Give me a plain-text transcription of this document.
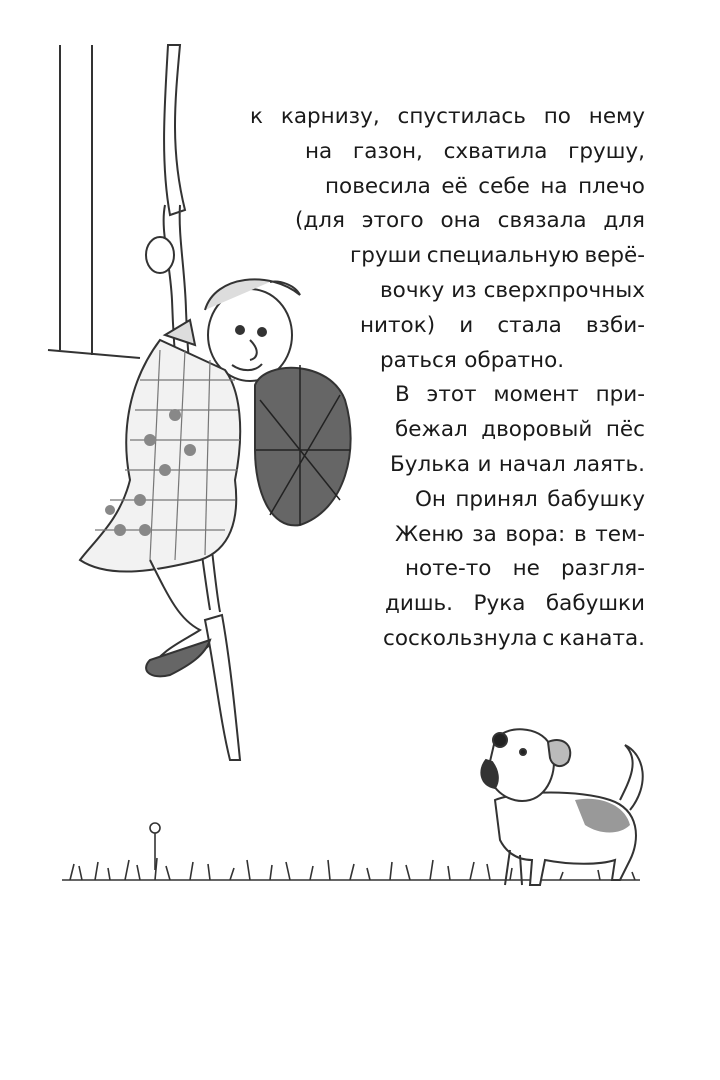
к карнизу, спустилась по нему
на газон, схватила грушу,
повесила её себе на плечо
(для этого она связала для
груши специальную верё-
вочку из сверхпрочных
ниток) и стала взби-
раться обратно.
В этот момент при-
бежал дворовый пёс
Булька и начал лаять.
Он принял бабушку
Женю за вора: в тем-
ноте-то не разгля-
дишь. Рука бабушки
соскользнула с каната.
